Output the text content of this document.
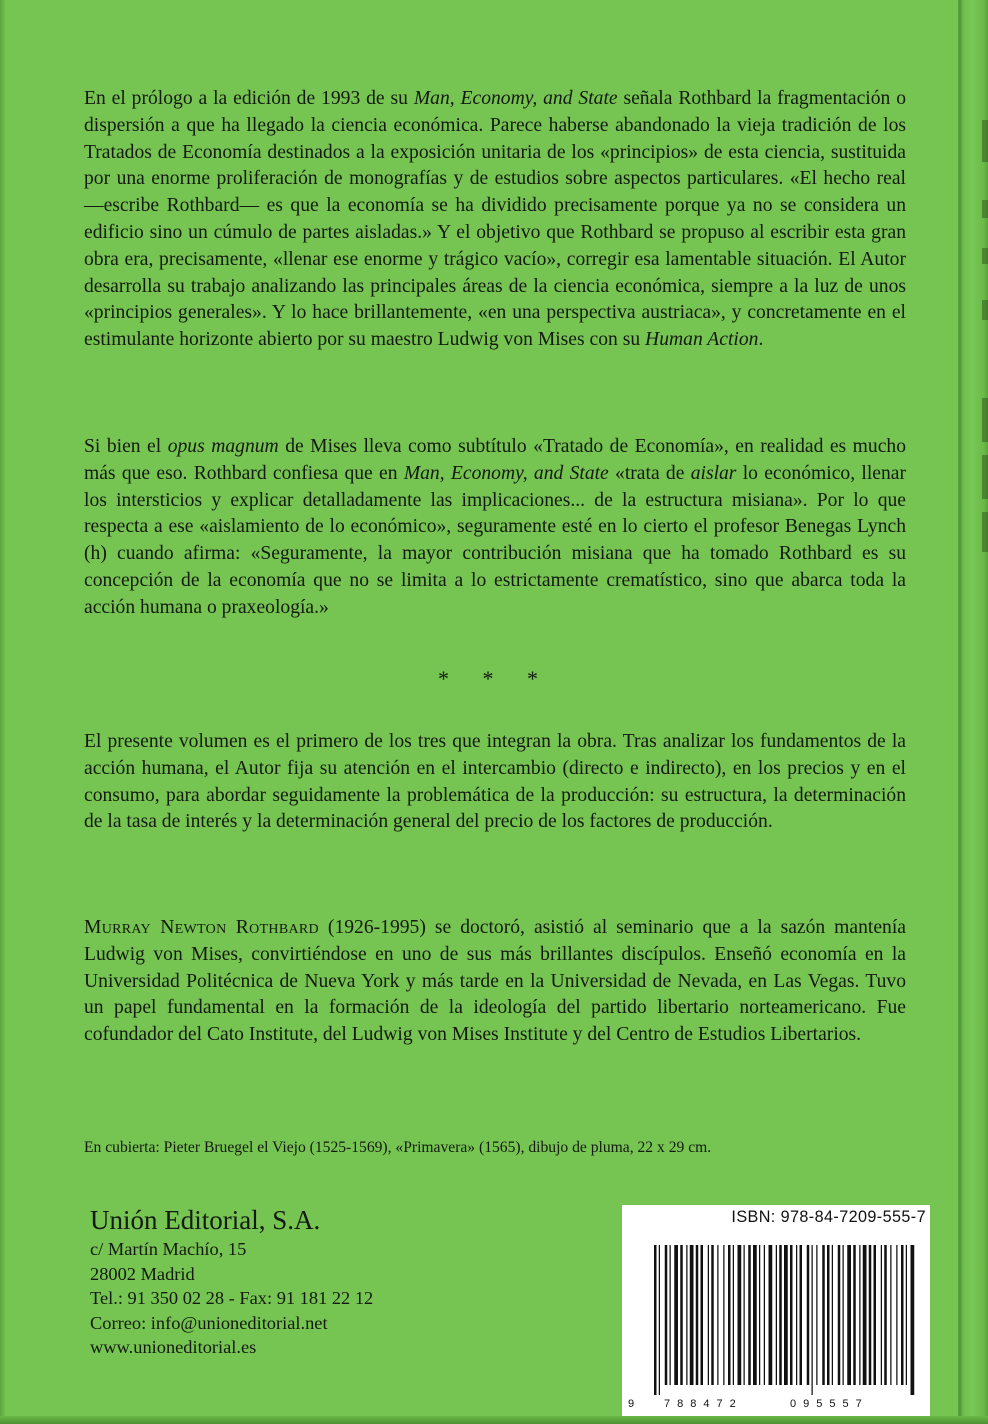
En el prólogo a la edición de 1993 de su Man, Economy, and State señala Rothbard la fragmentación o dispersión a que ha llegado la ciencia económica. Parece haberse abandonado la vieja tradición de los Tratados de Economía destinados a la exposición unitaria de los «principios» de esta ciencia, sustituida por una enorme proliferación de monografías y de estudios sobre aspectos particulares. «El hecho real —escribe Rothbard— es que la economía se ha dividido precisamente porque ya no se considera un edificio sino un cúmulo de partes aisladas.» Y el objetivo que Rothbard se propuso al escribir esta gran obra era, precisamente, «llenar ese enorme y trágico vacío», corregir esa lamentable situación. El Autor desarrolla su trabajo analizando las principales áreas de la ciencia económica, siempre a la luz de unos «principios generales». Y lo hace brillantemente, «en una perspectiva austriaca», y concretamente en el estimulante horizonte abierto por su maestro Ludwig von Mises con su Human Action.

Si bien el opus magnum de Mises lleva como subtítulo «Tratado de Economía», en realidad es mucho más que eso. Rothbard confiesa que en Man, Economy, and State «trata de aislar lo económico, llenar los intersticios y explicar detalladamente las implicaciones... de la estructura misiana». Por lo que respecta a ese «aislamiento de lo económico», seguramente esté en lo cierto el profesor Benegas Lynch (h) cuando afirma: «Seguramente, la mayor contribución misiana que ha tomado Rothbard es su concepción de la economía que no se limita a lo estrictamente crematístico, sino que abarca toda la acción humana o praxeología.»

* * *

El presente volumen es el primero de los tres que integran la obra. Tras analizar los fundamentos de la acción humana, el Autor fija su atención en el intercambio (directo e indirecto), en los precios y en el consumo, para abordar seguidamente la problemática de la producción: su estructura, la determinación de la tasa de interés y la determinación general del precio de los factores de producción.

Murray Newton Rothbard (1926-1995) se doctoró, asistió al seminario que a la sazón mantenía Ludwig von Mises, convirtiéndose en uno de sus más brillantes discípulos. Enseñó economía en la Universidad Politécnica de Nueva York y más tarde en la Universidad de Nevada, en Las Vegas. Tuvo un papel fundamental en la formación de la ideología del partido libertario norteamericano. Fue cofundador del Cato Institute, del Ludwig von Mises Institute y del Centro de Estudios Libertarios.

En cubierta: Pieter Bruegel el Viejo (1525-1569), «Primavera» (1565), dibujo de pluma, 22 x 29 cm.

Unión Editorial, S.A.
c/ Martín Machío, 15
28002 Madrid
Tel.: 91 350 02 28 - Fax: 91 181 22 12
Correo: info@unioneditorial.net
www.unioneditorial.es
ISBN: 978-84-7209-555-7
9	788472	095557
